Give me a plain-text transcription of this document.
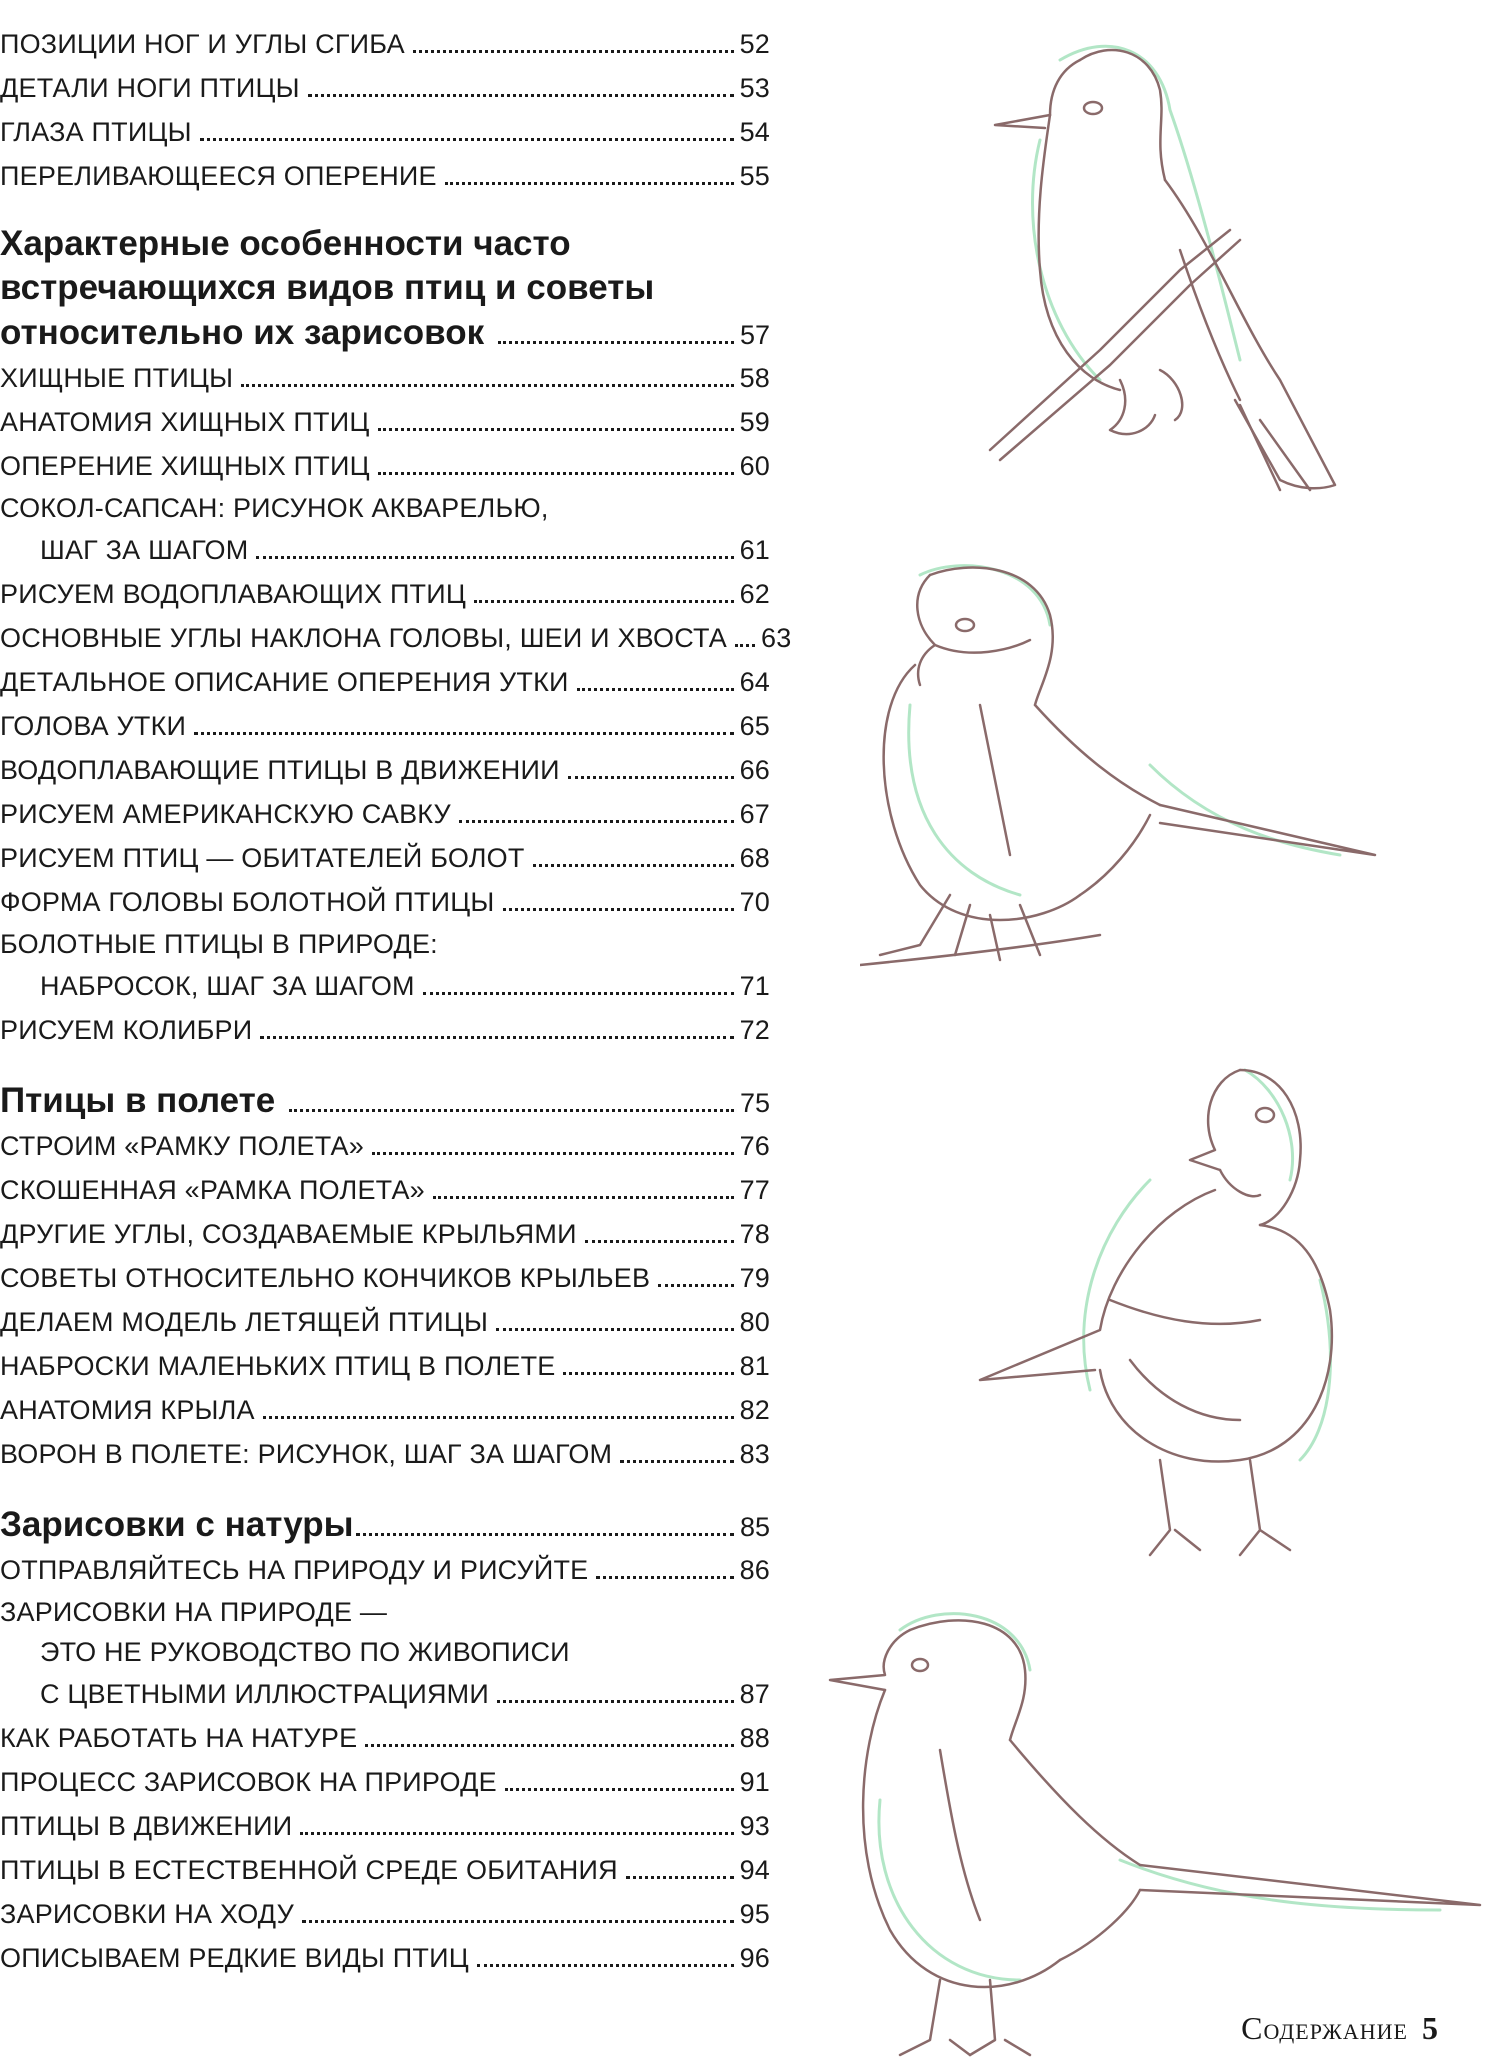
ПОЗИЦИИ НОГ И УГЛЫ СГИБА	52
ДЕТАЛИ НОГИ ПТИЦЫ	53
ГЛАЗА ПТИЦЫ	54
ПЕРЕЛИВАЮЩЕЕСЯ ОПЕРЕНИЕ	55
Характерные особенности часто
встречающихся видов птиц и советы
относительно их зарисовок	57
ХИЩНЫЕ ПТИЦЫ	58
АНАТОМИЯ ХИЩНЫХ ПТИЦ	59
ОПЕРЕНИЕ ХИЩНЫХ ПТИЦ	60
СОКОЛ-САПСАН: РИСУНОК АКВАРЕЛЬЮ,
ШАГ ЗА ШАГОМ	61
РИСУЕМ ВОДОПЛАВАЮЩИХ ПТИЦ	62
ОСНОВНЫЕ УГЛЫ НАКЛОНА ГОЛОВЫ, ШЕИ И ХВОСТА 63
ДЕТАЛЬНОЕ ОПИСАНИЕ ОПЕРЕНИЯ УТКИ	64
ГОЛОВА УТКИ	65
ВОДОПЛАВАЮЩИЕ ПТИЦЫ В ДВИЖЕНИИ	66
РИСУЕМ АМЕРИКАНСКУЮ САВКУ	67
РИСУЕМ ПТИЦ — ОБИТАТЕЛЕЙ БОЛОТ	68
ФОРМА ГОЛОВЫ БОЛОТНОЙ ПТИЦЫ	70
БОЛОТНЫЕ ПТИЦЫ В ПРИРОДЕ:
НАБРОСОК, ШАГ ЗА ШАГОМ	71
РИСУЕМ КОЛИБРИ	72
Птицы в полете	75
СТРОИМ «РАМКУ ПОЛЕТА»	76
СКОШЕННАЯ «РАМКА ПОЛЕТА»	77
ДРУГИЕ УГЛЫ, СОЗДАВАЕМЫЕ КРЫЛЬЯМИ	78
СОВЕТЫ ОТНОСИТЕЛЬНО КОНЧИКОВ КРЫЛЬЕВ	79
ДЕЛАЕМ МОДЕЛЬ ЛЕТЯЩЕЙ ПТИЦЫ	80
НАБРОСКИ МАЛЕНЬКИХ ПТИЦ В ПОЛЕТЕ	81
АНАТОМИЯ КРЫЛА	82
ВОРОН В ПОЛЕТЕ: РИСУНОК, ШАГ ЗА ШАГОМ	83
Зарисовки с натуры	85
ОТПРАВЛЯЙТЕСЬ НА ПРИРОДУ И РИСУЙТЕ	86
ЗАРИСОВКИ НА ПРИРОДЕ —
ЭТО НЕ РУКОВОДСТВО ПО ЖИВОПИСИ
С ЦВЕТНЫМИ ИЛЛЮСТРАЦИЯМИ	87
КАК РАБОТАТЬ НА НАТУРЕ	88
ПРОЦЕСС ЗАРИСОВОК НА ПРИРОДЕ	91
ПТИЦЫ В ДВИЖЕНИИ	93
ПТИЦЫ В ЕСТЕСТВЕННОЙ СРЕДЕ ОБИТАНИЯ	94
ЗАРИСОВКИ НА ХОДУ	95
ОПИСЫВАЕМ РЕДКИЕ ВИДЫ ПТИЦ	96
Содержание 5
